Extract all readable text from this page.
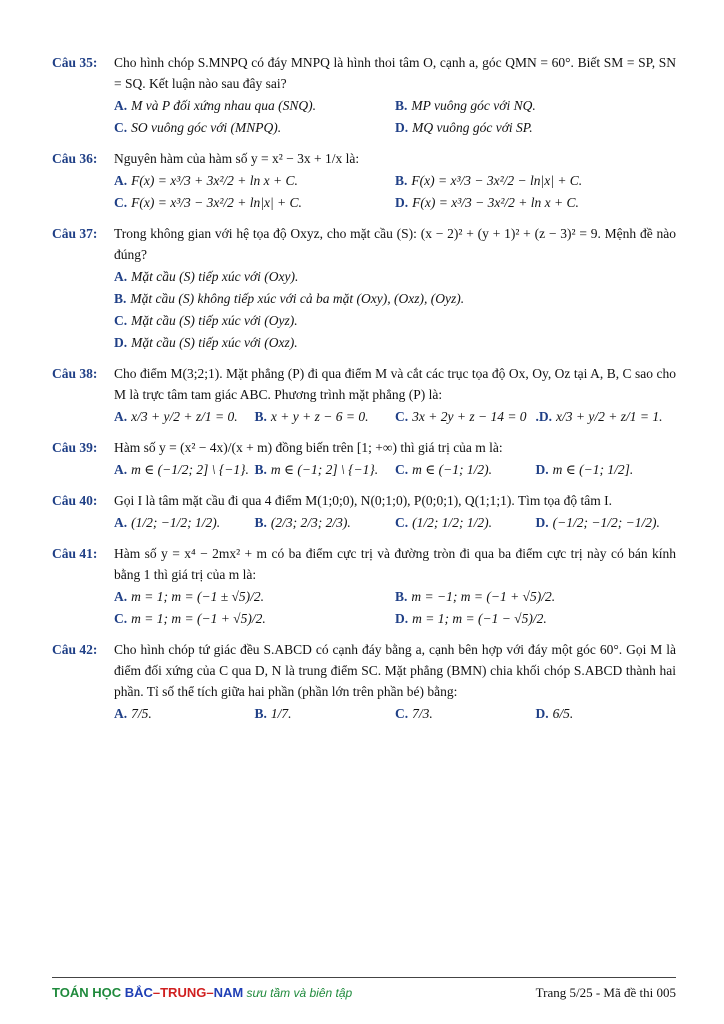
Câu 35: Cho hình chóp S.MNPQ có đáy MNPQ là hình thoi tâm O, cạnh a, góc QMN = 60°. Biết SM = SP, SN = SQ. Kết luận nào sau đây sai?
A. M và P đối xứng nhau qua (SNQ).	B. MP vuông góc với NQ.
C. SO vuông góc với (MNPQ).	D. MQ vuông góc với SP.
Câu 36: Nguyên hàm của hàm số y = x² − 3x + 1/x là:
A. F(x) = x³/3 + 3x²/2 + ln x + C.	B. F(x) = x³/3 − 3x²/2 − ln|x| + C.
C. F(x) = x³/3 − 3x²/2 + ln|x| + C.	D. F(x) = x³/3 − 3x²/2 + ln x + C.
Câu 37: Trong không gian với hệ tọa độ Oxyz, cho mặt cầu (S): (x − 2)² + (y + 1)² + (z − 3)² = 9. Mệnh đề nào đúng?
A. Mặt cầu (S) tiếp xúc với (Oxy).
B. Mặt cầu (S) không tiếp xúc với cả ba mặt (Oxy), (Oxz), (Oyz).
C. Mặt cầu (S) tiếp xúc với (Oyz).
D. Mặt cầu (S) tiếp xúc với (Oxz).
Câu 38: Cho điểm M(3;2;1). Mặt phẳng (P) đi qua điểm M và cắt các trục tọa độ Ox, Oy, Oz tại A, B, C sao cho M là trực tâm tam giác ABC. Phương trình mặt phẳng (P) là:
A. x/3 + y/2 + z/1 = 0. B. x + y + z − 6 = 0. C. 3x + 2y + z − 14 = 0 .D. x/3 + y/2 + z/1 = 1.
Câu 39: Hàm số y = (x² − 4x)/(x + m) đồng biến trên [1; +∞) thì giá trị của m là:
A. m ∈ (−1/2; 2] \ {−1}. B. m ∈ (−1; 2] \ {−1}. C. m ∈ (−1; 1/2).	D. m ∈ (−1; 1/2].
Câu 40: Gọi I là tâm mặt cầu đi qua 4 điểm M(1;0;0), N(0;1;0), P(0;0;1), Q(1;1;1). Tìm tọa độ tâm I.
A. (1/2; −1/2; 1/2).	B. (2/3; 2/3; 2/3).	C. (1/2; 1/2; 1/2).	D. (−1/2; −1/2; −1/2).
Câu 41: Hàm số y = x⁴ − 2mx² + m có ba điểm cực trị và đường tròn đi qua ba điểm cực trị này có bán kính bằng 1 thì giá trị của m là:
A. m = 1; m = (−1 ± √5)/2.	B. m = −1; m = (−1 + √5)/2.
C. m = 1; m = (−1 + √5)/2.	D. m = 1; m = (−1 − √5)/2.
Câu 42: Cho hình chóp tứ giác đều S.ABCD có cạnh đáy bằng a, cạnh bên hợp với đáy một góc 60°. Gọi M là điểm đối xứng của C qua D, N là trung điểm SC. Mặt phẳng (BMN) chia khối chóp S.ABCD thành hai phần. Tỉ số thể tích giữa hai phần (phần lớn trên phần bé) bằng:
A. 7/5.	B. 1/7.	C. 7/3.	D. 6/5.
TOÁN HỌC BẮC–TRUNG–NAM sưu tầm và biên tập	Trang 5/25 - Mã đề thi 005
